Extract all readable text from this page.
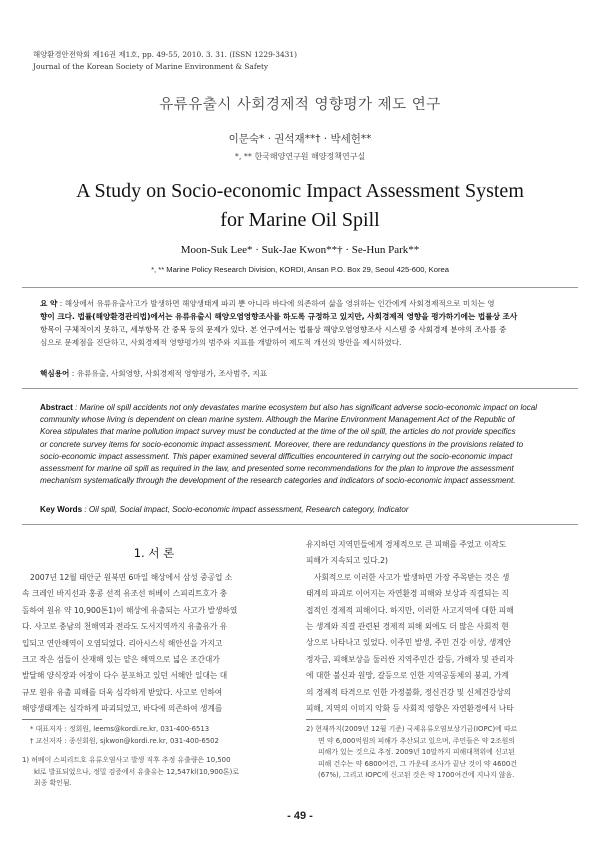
해양환경안전학회 제16권 제1호, pp. 49-55, 2010. 3. 31. (ISSN 1229-3431)
Journal of the Korean Society of Marine Environment & Safety
유류유출시 사회경제적 영향평가 제도 연구
이문숙* · 권석재**† · 박세헌**
*, ** 한국해양연구원 해양정책연구실
A Study on Socio-economic Impact Assessment System
for Marine Oil Spill
Moon-Suk Lee* · Suk-Jae Kwon**† · Se-Hun Park**
*, ** Marine Policy Research Division, KORDI, Ansan P.O. Box 29, Seoul 425-600, Korea
요 약 : 해상에서 유류유출사고가 발생하면 해양생태계 파괴 뿐 아니라 바다에 의존하여 삶을 영위하는 인간에게 사회경제적으로 미치는 영
향이 크다. 법률(해양환경관리법)에서는 유류유출시 해양오염영향조사를 하도록 규정하고 있지만, 사회경제적 영향을 평가하기에는 법률상 조사
항목이 구체적이지 못하고, 세부항목 간 중복 등의 문제가 있다. 본 연구에서는 법률상 해양오염영향조사 시스템 중 사회경제 분야의 조사를 중
심으로 문제점을 진단하고, 사회경제적 영향평가의 범주와 지표를 개발하여 제도적 개선의 방안을 제시하였다.
핵심용어 : 유류유출, 사회영향, 사회경제적 영향평가, 조사범주, 지표
Abstract : Marine oil spill accidents not only devastates marine ecosystem but also has significant adverse socio-economic impact on local
community whose living is dependent on clean marine system. Although the Marine Environment Management Act of the Republic of
Korea stipulates that marine pollution impact survey must be conducted at the time of the oil spill, the articles do not provide specifics
or concrete survey items for socio-economic impact assessment. Moreover, there are redundancy questions in the provisions related to
socio-economic impact assessment. This paper examined several difficulties encountered in carrying out the socio-economic impact
assessment for marine oil spill as required in the law, and presented some recommendations for the plan to improve the assessment
mechanism systematically through the development of the research categories and indicators of socio-economic impact assessment.
Key Words : Oil spill, Social impact, Socio-economic impact assessment, Research category, Indicator
1. 서 론
2007년 12월 태안군 원북면 6마일 해상에서 삼성 중공업 소
속 크레인 바지선과 홍콩 선적 유조선 허베이 스피리트호가 충
돌하여 원유 약 10,900톤1)이 해상에 유출되는 사고가 발생하였
다. 사고로 충남의 천해역과 전라도 도서지역까지 유출유가 유
입되고 연안해역이 오염되었다. 리아시스식 해안선을 가지고
크고 작은 섬들이 산재해 있는 얕은 해역으로 넓은 조간대가
발달해 양식장과 어장이 다수 분포하고 있던 서해안 일대는 대
규모 원유 유출 피해를 더욱 심각하게 받았다. 사고로 인하여
해양생태계는 심각하게 파괴되었고, 바다에 의존하여 생계를
유지하던 지역민들에게 경제적으로 큰 피해를 주었고 이작도
피해가 지속되고 있다.2)
사회적으로 이러한 사고가 발생하면 가장 주목받는 것은 생
태계의 파괴로 이어지는 자연환경 피해와 보상과 직결되는 직
접적인 경제적 피해이다. 하지만, 이러한 사고지역에 대한 피해
는 생계와 직결 관련된 경제적 피해 외에도 더 많은 사회적 현
상으로 나타나고 있었다. 이주민 발생, 주민 건강 이상, 생계안
정자금, 피해보상을 둘러싼 지역주민간 갈등, 가해자 및 관리자
에 대한 불신과 원망, 갈등으로 인한 지역공동체의 붕괴, 가계
의 경제적 타격으로 인한 가정불화, 정신건강 및 신체건강상의
피해, 지역의 이미지 악화 등 사회적 영향은 자연환경에서 나타
* 대표저자 : 정회원, leems@kordi.re.kr, 031-400-6513
† 교신저자 : 종신회원, sjkwon@kordi.re.kr, 031-400-6502
1) 허베이 스피리트호 유류오염사고 발생 직후 추정 유출량은 10,500
kl로 발표되었으나, 정밀 검증에서 유출유는 12,547kl(10,900톤)로
최종 확인됨.
2) 현재까지(2009년 12월 기준) 국제유류오염보상기금(IOPC)에 따르
면 약 6,000억원의 피해가 추산되고 있으며, 주민들은 약 2조원의
피해가 있는 것으로 추정. 2009년 10말까지 피해대책위에 신고된
피해 건수는 약 6800여건, 그 가운데 조사가 끝난 것이 약 4600건
(67%), 그리고 IOPC에 신고된 것은 약 1700여건에 지나지 않음.
- 49 -
